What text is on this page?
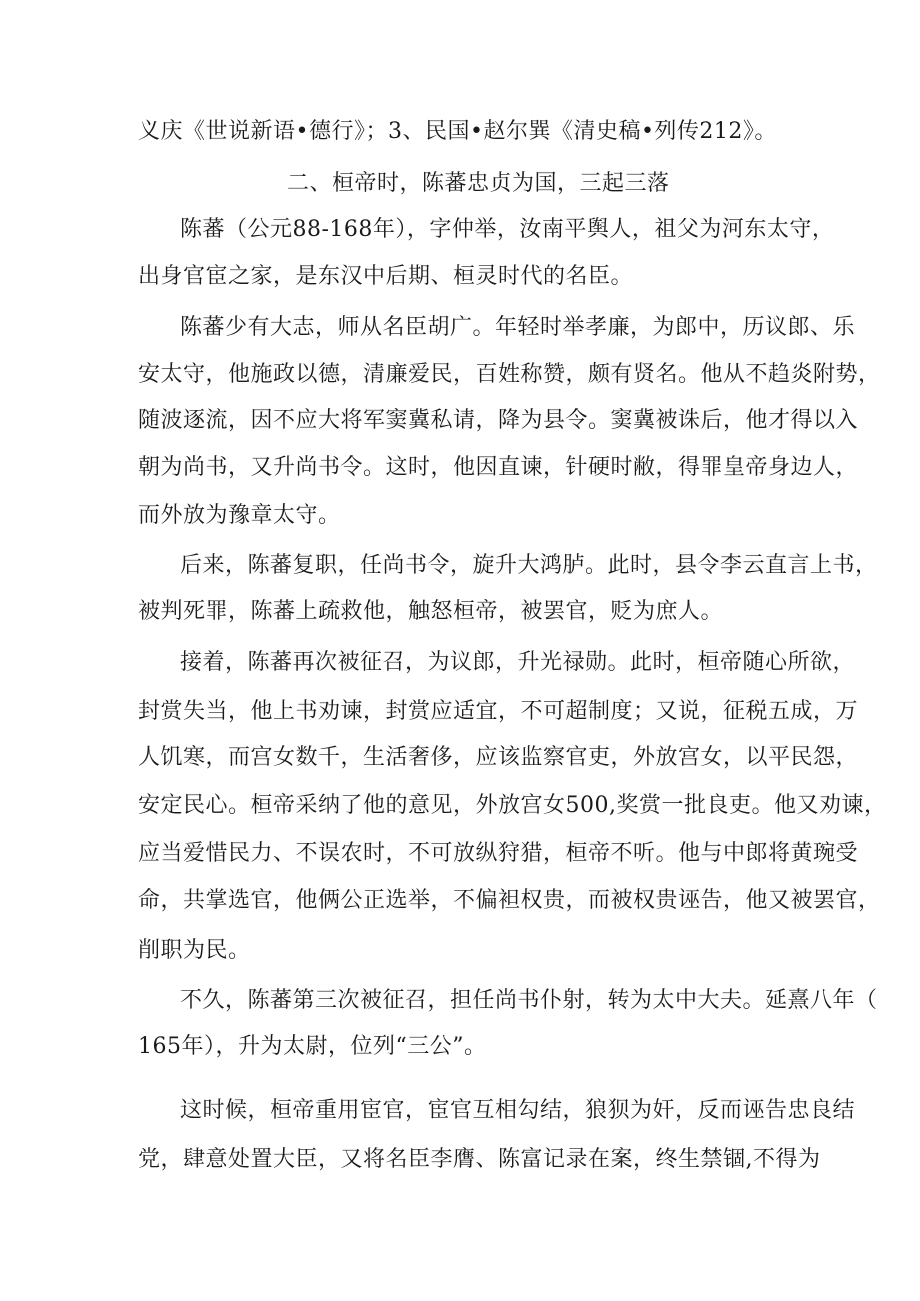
义庆《世说新语•德行》；3、民国•赵尔巽《清史稿•列传212》。
二、桓帝时，陈蕃忠贞为国，三起三落
陈蕃（公元88-168年），字仲举，汝南平舆人，祖父为河东太守，
出身官宦之家，是东汉中后期、桓灵时代的名臣。
陈蕃少有大志，师从名臣胡广。年轻时举孝廉，为郎中，历议郎、乐
安太守，他施政以德，清廉爱民，百姓称赞，颇有贤名。他从不趋炎附势，
随波逐流，因不应大将军窦冀私请，降为县令。窦冀被诛后，他才得以入
朝为尚书，又升尚书令。这时，他因直谏，针硬时敝，得罪皇帝身边人，
而外放为豫章太守。
后来，陈蕃复职，任尚书令，旋升大鸿胪。此时，县令李云直言上书，
被判死罪，陈蕃上疏救他，触怒桓帝，被罢官，贬为庶人。
接着，陈蕃再次被征召，为议郎，升光禄勋。此时，桓帝随心所欲，
封赏失当，他上书劝谏，封赏应适宜，不可超制度；又说，征税五成，万
人饥寒，而宫女数千，生活奢侈，应该监察官吏，外放宫女，以平民怨，
安定民心。桓帝采纳了他的意见，外放宫女500,奖赏一批良吏。他又劝谏，
应当爱惜民力、不误农时，不可放纵狩猎，桓帝不听。他与中郎将黄琬受
命，共掌选官，他俩公正选举，不偏袒权贵，而被权贵诬告，他又被罢官，
削职为民。
不久，陈蕃第三次被征召，担任尚书仆射，转为太中大夫。延熹八年（
165年），升为太尉，位列“三公”。
这时候，桓帝重用宦官，宦官互相勾结，狼狈为奸，反而诬告忠良结
党，肆意处置大臣，又将名臣李膺、陈富记录在案，终生禁锢,不得为
